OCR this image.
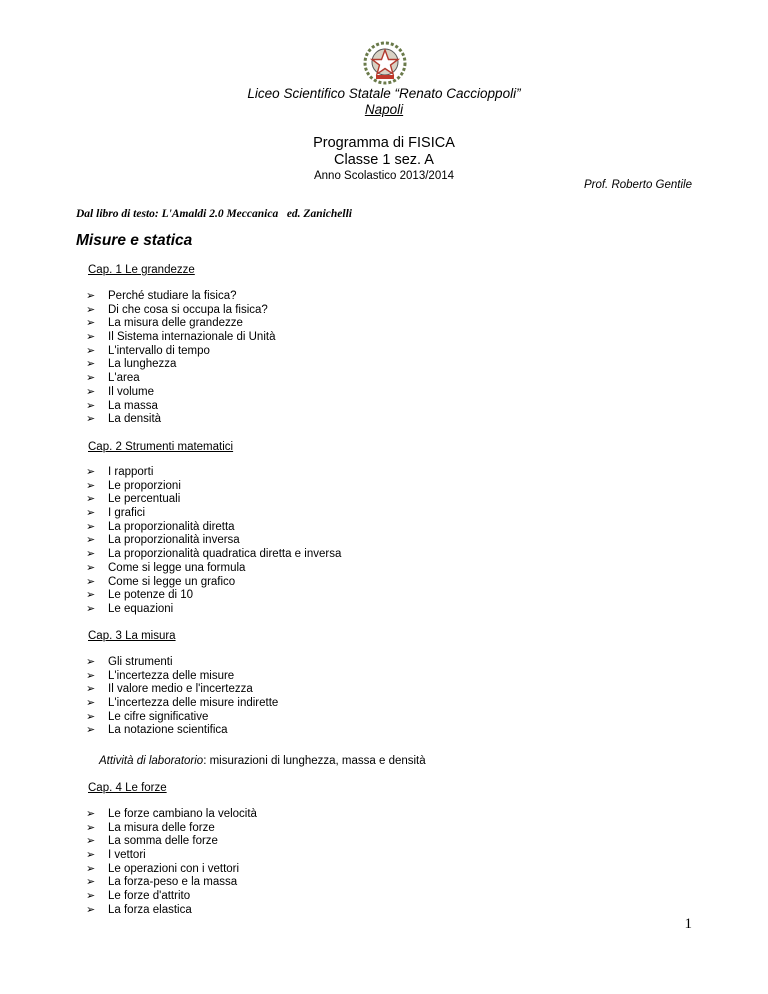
Liceo Scientifico Statale “Renato Caccioppoli”
Napoli
Programma di FISICA
Classe 1 sez. A
Anno Scolastico 2013/2014
Prof. Roberto Gentile
Dal libro di testo: L'Amaldi 2.0 Meccanica   ed. Zanichelli
Misure e statica
Cap. 1 Le grandezze
➢ Perché studiare la fisica?
➢ Di che cosa si occupa la fisica?
➢ La misura delle grandezze
➢ Il Sistema internazionale di Unità
➢ L'intervallo di tempo
➢ La lunghezza
➢ L'area
➢ Il volume
➢ La massa
➢ La densità
Cap. 2 Strumenti matematici
➢ I rapporti
➢ Le proporzioni
➢ Le percentuali
➢ I grafici
➢ La proporzionalità diretta
➢ La proporzionalità inversa
➢ La proporzionalità quadratica diretta e inversa
➢ Come si legge una formula
➢ Come si legge un grafico
➢ Le potenze di 10
➢ Le equazioni
Cap. 3 La misura
➢ Gli strumenti
➢ L'incertezza delle misure
➢ Il valore medio e l'incertezza
➢ L'incertezza delle misure indirette
➢ Le cifre significative
➢ La notazione scientifica
Attività di laboratorio: misurazioni di lunghezza, massa e densità
Cap. 4 Le forze
➢ Le forze cambiano la velocità
➢ La misura delle forze
➢ La somma delle forze
➢ I vettori
➢ Le operazioni con i vettori
➢ La forza-peso e la massa
➢ Le forze d'attrito
➢ La forza elastica
1
